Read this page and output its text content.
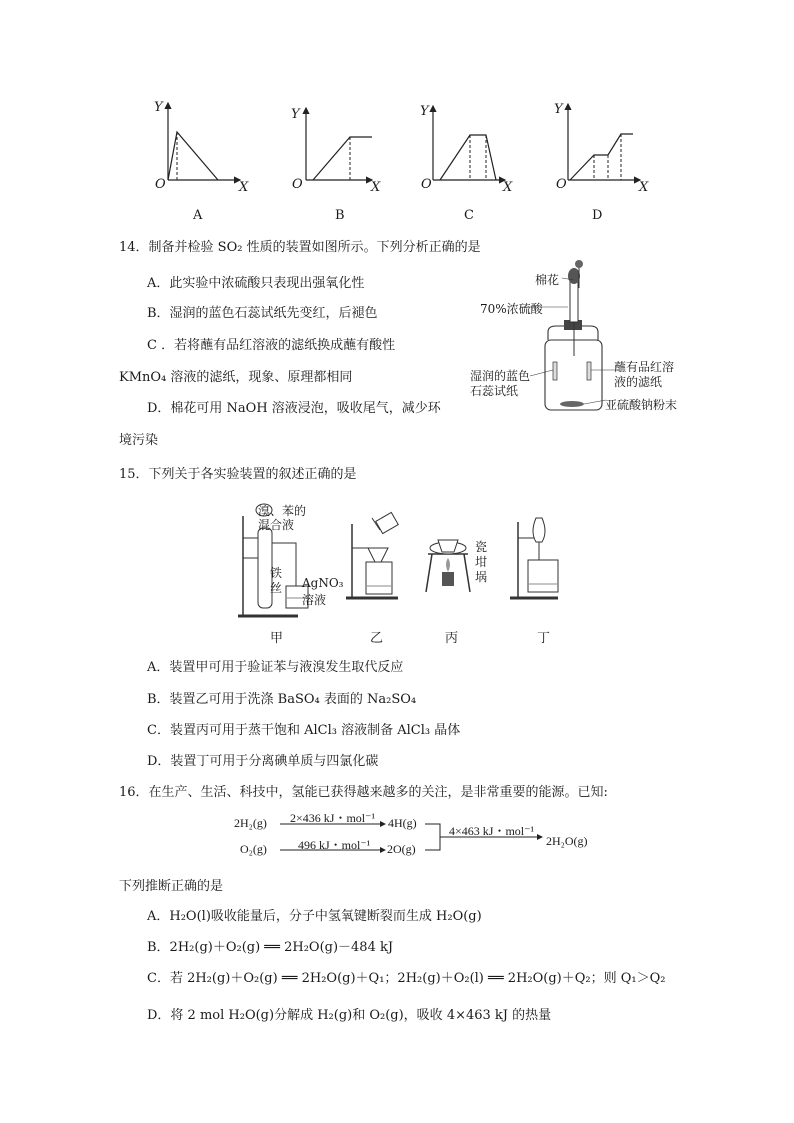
Y
O	X
A
Y
O	X
B
Y
O	X
C
Y
O	X
D
14．制备并检验 SO₂ 性质的装置如图所示。下列分析正确的是
A．此实验中浓硫酸只表现出强氧化性
B．湿润的蓝色石蕊试纸先变红，后褪色
C ．若将蘸有品红溶液的滤纸换成蘸有酸性
KMnO₄ 溶液的滤纸，现象、原理都相同
D．棉花可用 NaOH 溶液浸泡，吸收尾气，减少环
境污染
棉花
70%浓硫酸
湿润的蓝色
石蕊试纸
蘸有品红溶
液的滤纸
亚硫酸钠粉末
15．下列关于各实验装置的叙述正确的是
溴、苯的
混合液
铁
丝 AgNO₃
溶液
瓷
坩
埚
甲	乙	丙	丁
A．装置甲可用于验证苯与液溴发生取代反应
B．装置乙可用于洗涤 BaSO₄ 表面的 Na₂SO₄
C．装置丙可用于蒸干饱和 AlCl₃ 溶液制备 AlCl₃ 晶体
D．装置丁可用于分离碘单质与四氯化碳
16．在生产、生活、科技中，氢能已获得越来越多的关注，是非常重要的能源。已知:
2H₂(g)
O₂(g)
2×436 kJ・mol⁻¹
496 kJ・mol⁻¹
4H(g)
2O(g)
4×463 kJ・mol⁻¹
2H₂O(g)
下列推断正确的是
A．H₂O(l)吸收能量后，分子中氢氧键断裂而生成 H₂O(g)
B．2H₂(g)＋O₂(g) ══ 2H₂O(g)－484 kJ
C．若 2H₂(g)＋O₂(g) ══ 2H₂O(g)＋Q₁；2H₂(g)＋O₂(l) ══ 2H₂O(g)＋Q₂；则 Q₁＞Q₂
D．将 2 mol H₂O(g)分解成 H₂(g)和 O₂(g)，吸收 4×463 kJ 的热量
